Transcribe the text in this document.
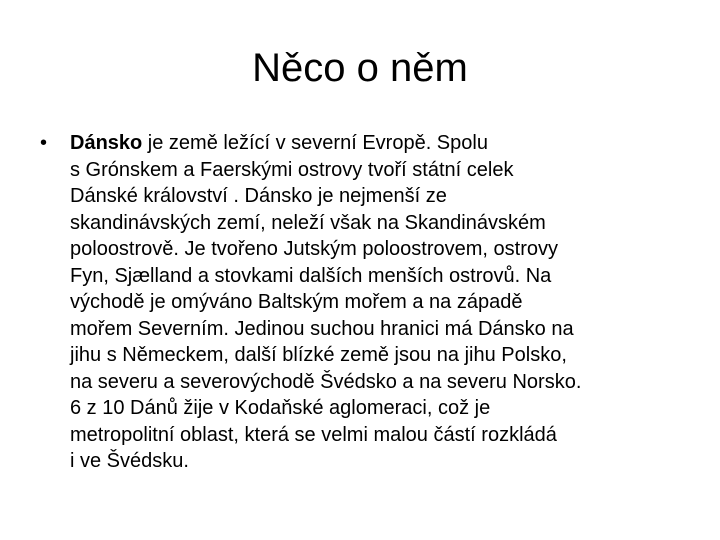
Něco o něm
• Dánsko je země ležící v severní Evropě. Spolu
s Grónskem a Faerskými ostrovy tvoří státní celek
Dánské království . Dánsko je nejmenší ze
skandinávských zemí, neleží však na Skandinávském
poloostrově. Je tvořeno Jutským poloostrovem, ostrovy
Fyn, Sjælland a stovkami dalších menších ostrovů. Na
východě je omýváno Baltským mořem a na západě
mořem Severním. Jedinou suchou hranici má Dánsko na
jihu s Německem, další blízké země jsou na jihu Polsko,
na severu a severovýchodě Švédsko a na severu Norsko.
6 z 10 Dánů žije v Kodaňské aglomeraci, což je
metropolitní oblast, která se velmi malou částí rozkládá
i ve Švédsku.
